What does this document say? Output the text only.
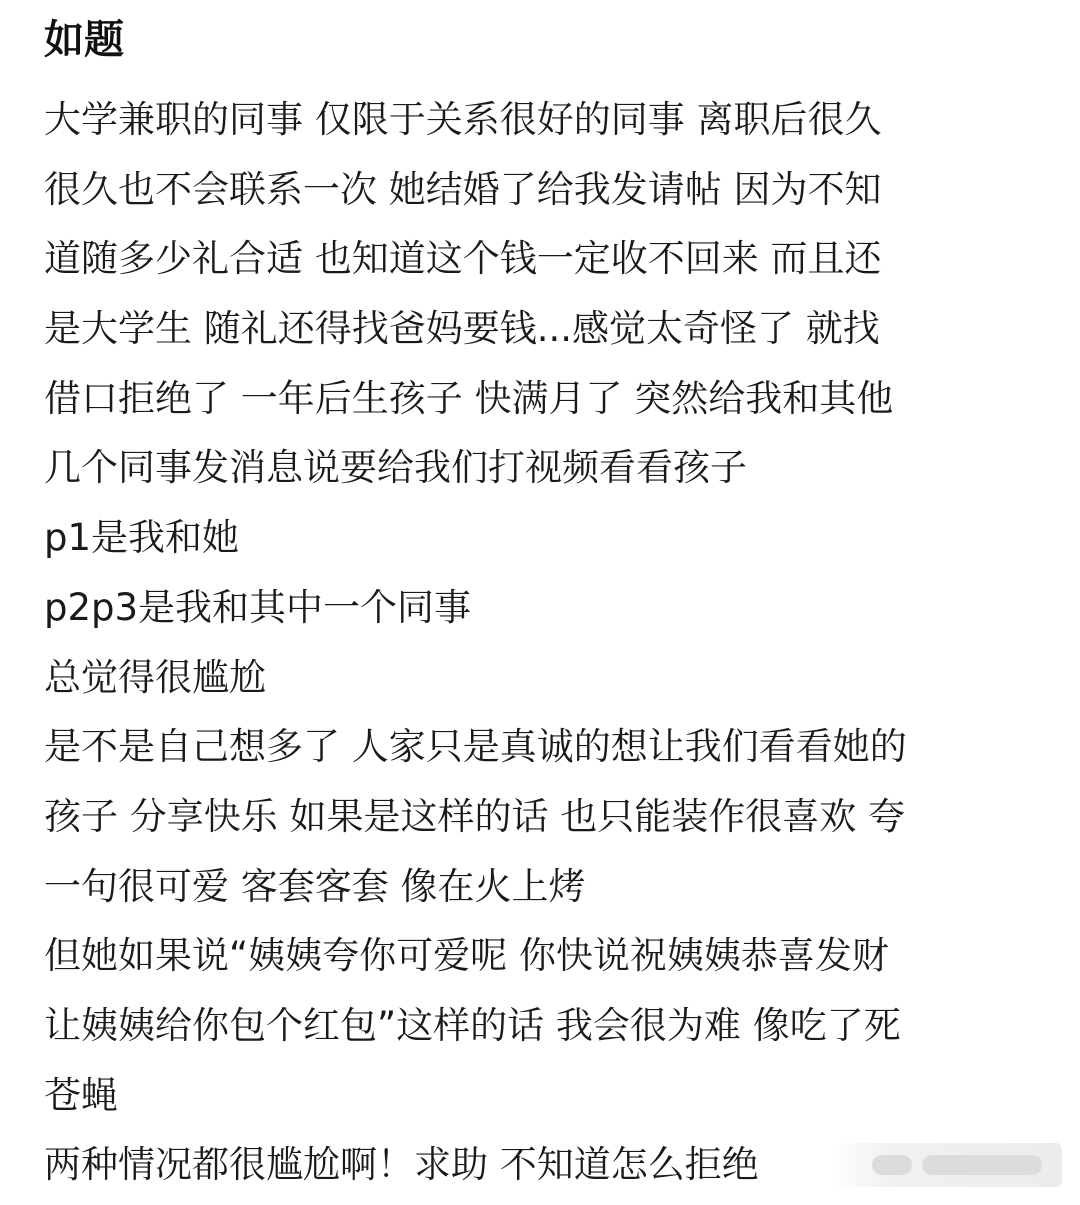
如题
大学兼职的同事 仅限于关系很好的同事 离职后很久
很久也不会联系一次 她结婚了给我发请帖 因为不知
道随多少礼合适 也知道这个钱一定收不回来 而且还
是大学生 随礼还得找爸妈要钱...感觉太奇怪了 就找
借口拒绝了 一年后生孩子 快满月了 突然给我和其他
几个同事发消息说要给我们打视频看看孩子
p1是我和她
p2p3是我和其中一个同事
总觉得很尴尬
是不是自己想多了 人家只是真诚的想让我们看看她的
孩子 分享快乐 如果是这样的话 也只能装作很喜欢 夸
一句很可爱 客套客套 像在火上烤
但她如果说“姨姨夸你可爱呢 你快说祝姨姨恭喜发财
让姨姨给你包个红包”这样的话 我会很为难 像吃了死
苍蝇
两种情况都很尴尬啊！求助 不知道怎么拒绝
